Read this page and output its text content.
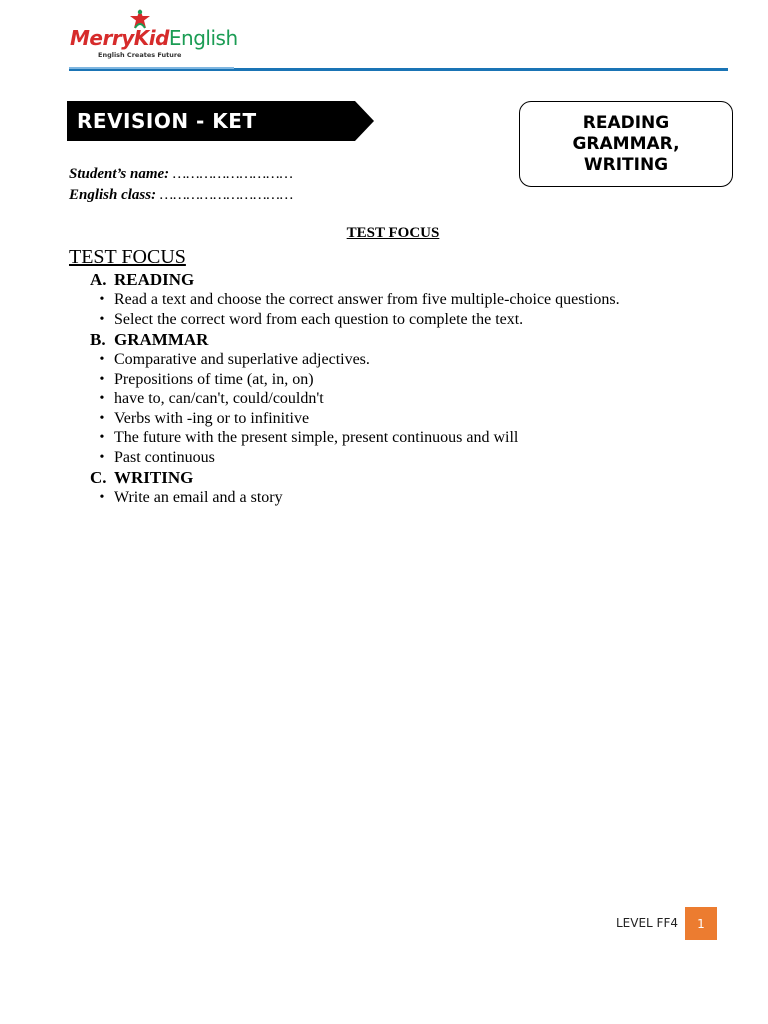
MerryKidEnglish
English Creates Future
REVISION - KET	READING
GRAMMAR,
WRITING
Student’s name: ………………………
English class: …………………………
TEST FOCUS
TEST FOCUS
A. READING
• Read a text and choose the correct answer from five multiple-choice questions.
• Select the correct word from each question to complete the text.
B. GRAMMAR
• Comparative and superlative adjectives.
• Prepositions of time (at, in, on)
• have to, can/can't, could/couldn't
• Verbs with -ing or to infinitive
• The future with the present simple, present continuous and will
• Past continuous
C. WRITING
• Write an email and a story
LEVEL FF4	1
